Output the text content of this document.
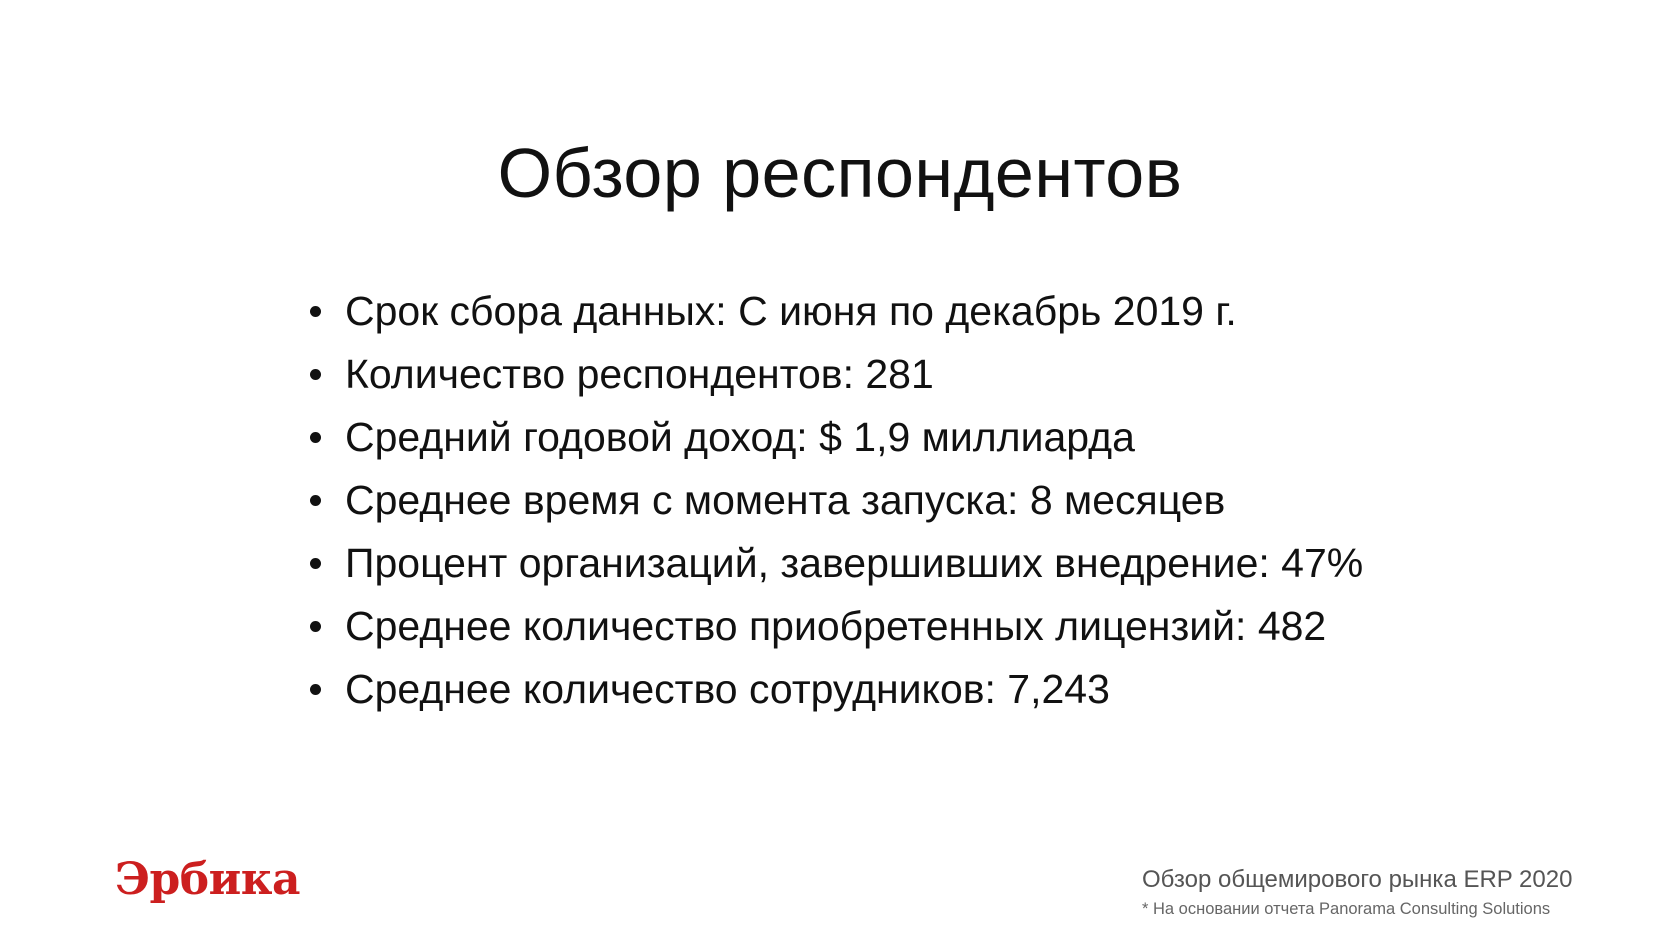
Обзор респондентов
Срок сбора данных: С июня по декабрь 2019 г.
Количество респондентов: 281
Средний годовой доход: $ 1,9 миллиарда
Среднее время с момента запуска: 8 месяцев
Процент организаций, завершивших внедрение: 47%
Среднее количество приобретенных лицензий: 482
Среднее количество сотрудников: 7,243
Эрбика	Обзор общемирового рынка ERP 2020
* На основании отчета Panorama Consulting Solutions
